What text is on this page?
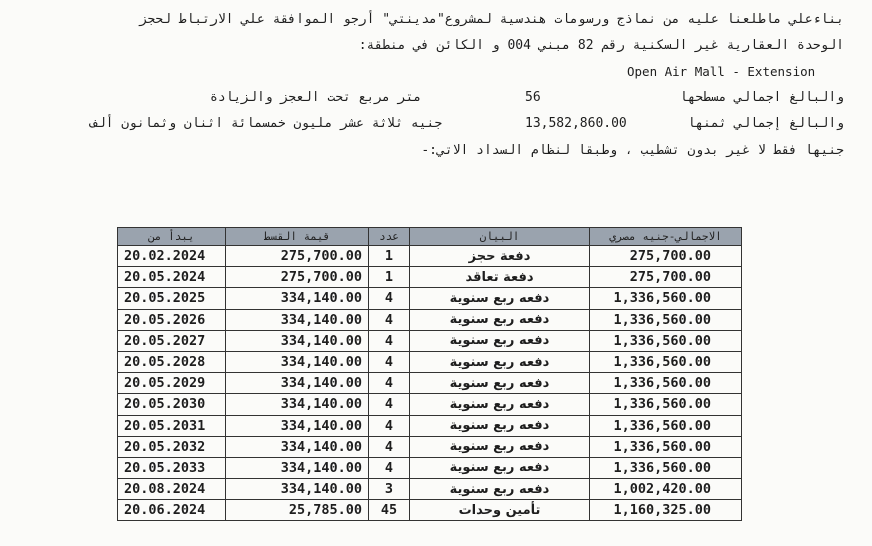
بناءعلي ماطلعنا عليه من نماذج ورسومات هندسية لمشروع"مدينتي" أرجو الموافقة علي الارتباط لحجز
الوحدة العقارية غير السكنية رقم 82 مبني 004 و الكائن في منطقة:
Open Air Mall - Extension
والبالغ اجمالي مسطحها
56
متر مربع تحت العجز والزيادة
والبالغ إجمالي ثمنها
13,582,860.00
جنيه ثلاثة عشر مليون خمسمائة اثنان وثمانون ألف
جنيها فقط لا غير بدون تشطيب ، وطبقا لنظام السداد الاتي:-
يبدأ من	قيمة القسط	عدد	البيان	الاجمالي-جنيه مصري
20.02.2024	275,700.00	1	دفعة حجز	275,700.00
20.05.2024	275,700.00	1	دفعة تعاقد	275,700.00
20.05.2025	334,140.00	4	دفعه ربع سنوية	1,336,560.00
20.05.2026	334,140.00	4	دفعه ربع سنوية	1,336,560.00
20.05.2027	334,140.00	4	دفعه ربع سنوية	1,336,560.00
20.05.2028	334,140.00	4	دفعه ربع سنوية	1,336,560.00
20.05.2029	334,140.00	4	دفعه ربع سنوية	1,336,560.00
20.05.2030	334,140.00	4	دفعه ربع سنوية	1,336,560.00
20.05.2031	334,140.00	4	دفعه ربع سنوية	1,336,560.00
20.05.2032	334,140.00	4	دفعه ربع سنوية	1,336,560.00
20.05.2033	334,140.00	4	دفعه ربع سنوية	1,336,560.00
20.08.2024	334,140.00	3	دفعه ربع سنوية	1,002,420.00
20.06.2024	25,785.00	45	تأمين وحدات	1,160,325.00
